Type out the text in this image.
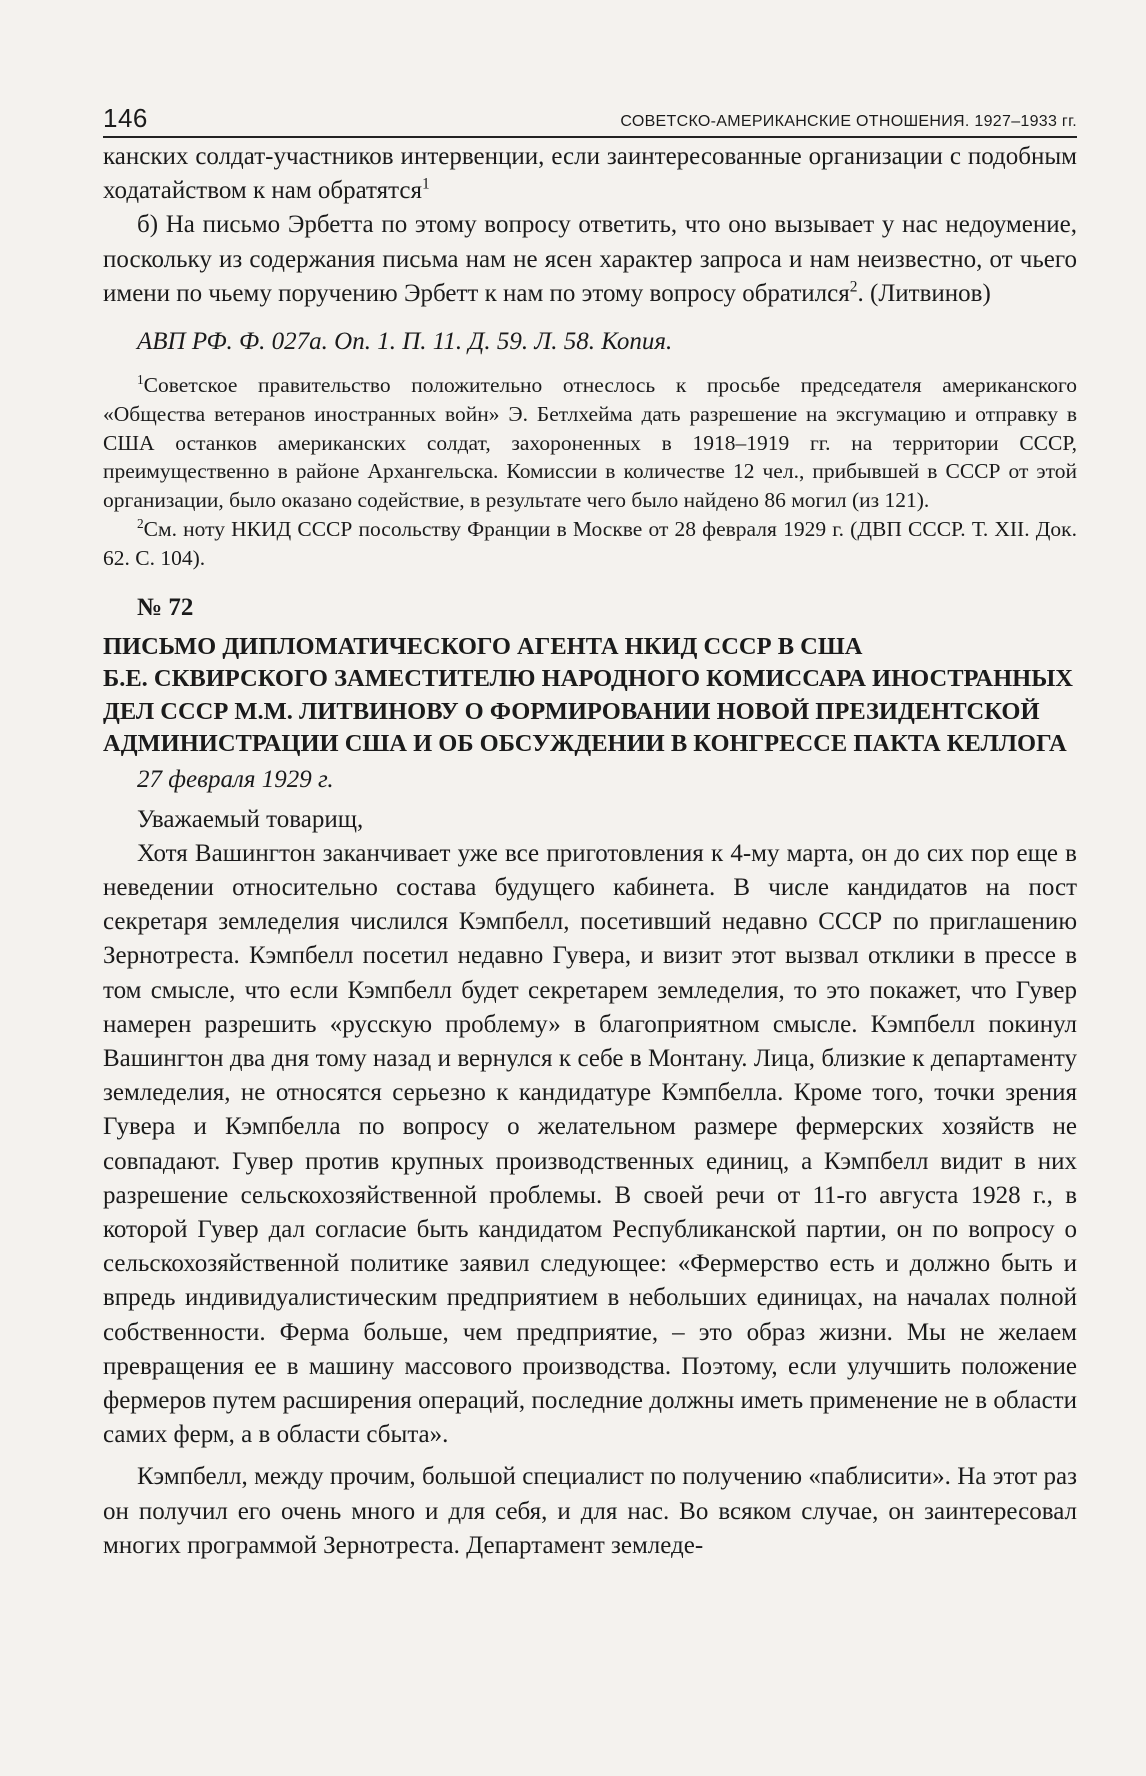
146	СОВЕТСКО-АМЕРИКАНСКИЕ ОТНОШЕНИЯ. 1927–1933 гг.

канских солдат-участников интервенции, если заинтересованные организации с подобным ходатайством к нам обратятся$^1$

б) На письмо Эрбетта по этому вопросу ответить, что оно вызывает у нас недоумение, поскольку из содержания письма нам не ясен характер запроса и нам неизвестно, от чьего имени по чьему поручению Эрбетт к нам по этому вопросу обратился$^2$. (Литвинов)

АВП РФ. Ф. 027а. Оп. 1. П. 11. Д. 59. Л. 58. Копия.

$^1$Советское правительство положительно отнеслось к просьбе председателя американского «Общества ветеранов иностранных войн» Э. Бетлхейма дать разрешение на эксгумацию и отправку в США останков американских солдат, захороненных в 1918–1919 гг. на территории СССР, преимущественно в районе Архангельска. Комиссии в количестве 12 чел., прибывшей в СССР от этой организации, было оказано содействие, в результате чего было найдено 86 могил (из 121).

$^2$См. ноту НКИД СССР посольству Франции в Москве от 28 февраля 1929 г. (ДВП СССР. Т. XII. Док. 62. С. 104).

№ 72

ПИСЬМО ДИПЛОМАТИЧЕСКОГО АГЕНТА НКИД СССР В США

Б.Е. СКВИРСКОГО ЗАМЕСТИТЕЛЮ НАРОДНОГО КОМИССАРА ИНОСТРАННЫХ

ДЕЛ СССР М.М. ЛИТВИНОВУ О ФОРМИРОВАНИИ НОВОЙ ПРЕЗИДЕНТСКОЙ

АДМИНИСТРАЦИИ США И ОБ ОБСУЖДЕНИИ В КОНГРЕССЕ ПАКТА КЕЛЛОГА

27 февраля 1929 г.

Уважаемый товарищ,

Хотя Вашингтон заканчивает уже все приготовления к 4-му марта, он до сих пор еще в неведении относительно состава будущего кабинета. В числе кандидатов на пост секретаря земледелия числился Кэмпбелл, посетивший недавно СССР по приглашению Зернотреста. Кэмпбелл посетил недавно Гувера, и визит этот вызвал отклики в прессе в том смысле, что если Кэмпбелл будет секретарем земледелия, то это покажет, что Гувер намерен разрешить «русскую проблему» в благоприятном смысле. Кэмпбелл покинул Вашингтон два дня тому назад и вернулся к себе в Монтану. Лица, близкие к департаменту земледелия, не относятся серьезно к кандидатуре Кэмпбелла. Кроме того, точки зрения Гувера и Кэмпбелла по вопросу о желательном размере фермерских хозяйств не совпадают. Гувер против крупных производственных единиц, а Кэмпбелл видит в них разрешение сельскохозяйственной проблемы. В своей речи от 11-го августа 1928 г., в которой Гувер дал согласие быть кандидатом Республиканской партии, он по вопросу о сельскохозяйственной политике заявил следующее: «Фермерство есть и должно быть и впредь индивидуалистическим предприятием в небольших единицах, на началах полной собственности. Ферма больше, чем предприятие, – это образ жизни. Мы не желаем превращения ее в машину массового производства. Поэтому, если улучшить положение фермеров путем расширения операций, последние должны иметь применение не в области самих ферм, а в области сбыта».

Кэмпбелл, между прочим, большой специалист по получению «паблисити». На этот раз он получил его очень много и для себя, и для нас. Во всяком случае, он заинтересовал многих программой Зернотреста. Департамент земледе-
